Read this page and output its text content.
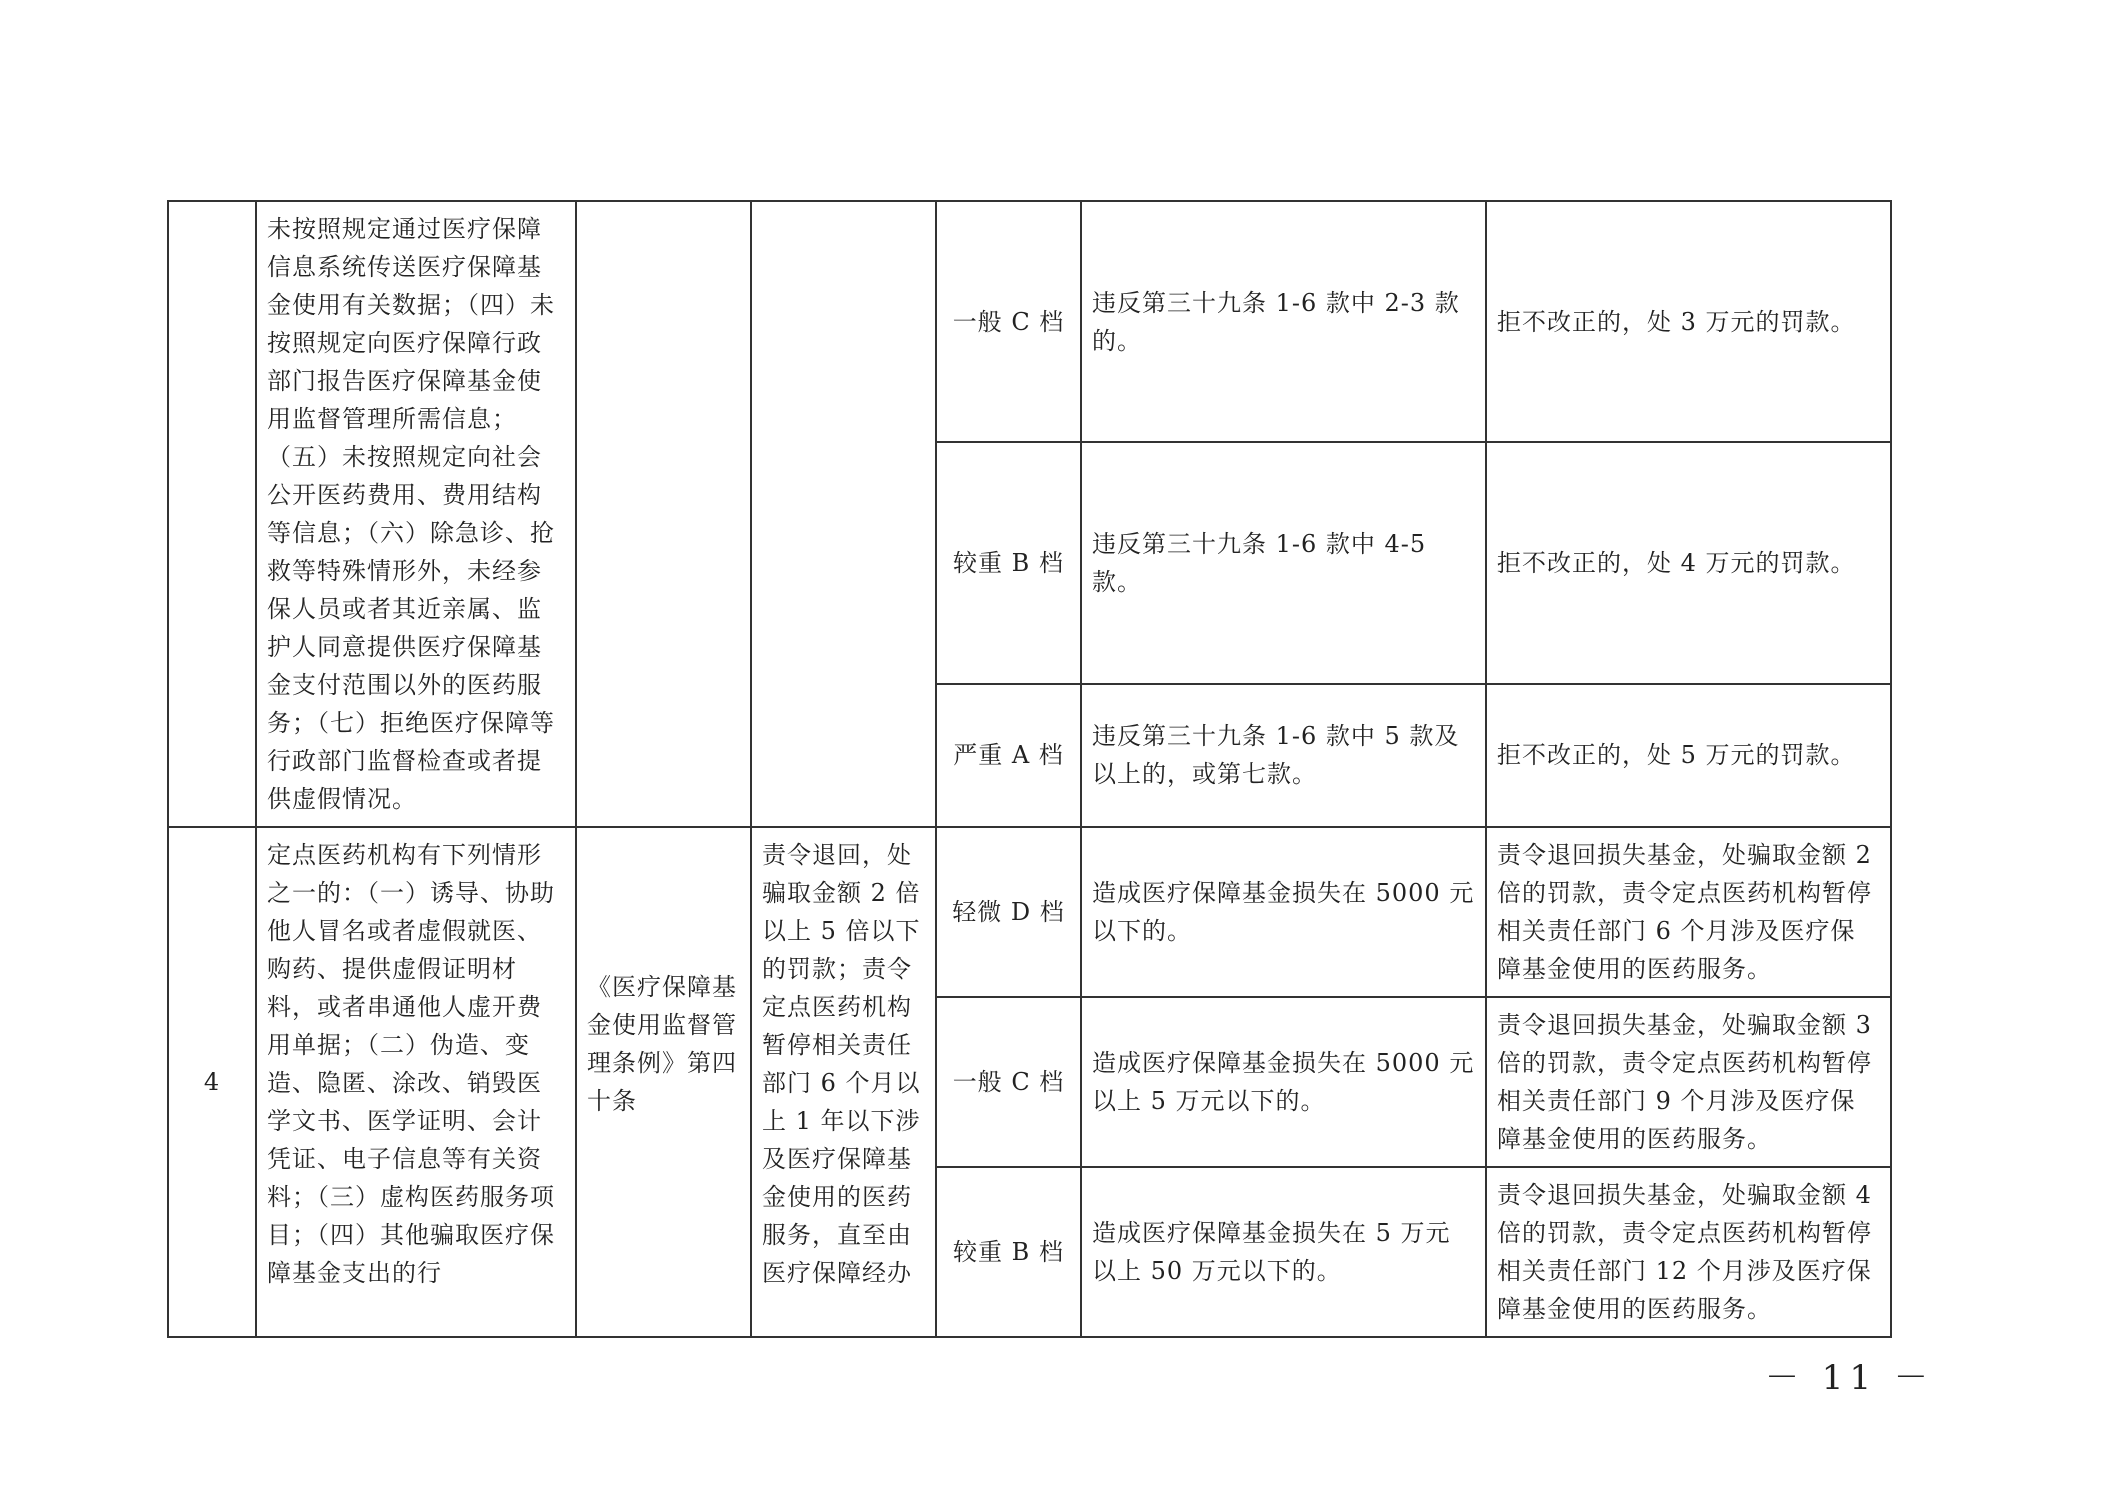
	未按照规定通过医疗保障信息系统传送医疗保障基金使用有关数据；（四）未按照规定向医疗保障行政部门报告医疗保障基金使用监督管理所需信息；（五）未按照规定向社会公开医药费用、费用结构等信息；（六）除急诊、抢救等特殊情形外，未经参保人员或者其近亲属、监护人同意提供医疗保障基金支付范围以外的医药服务；（七）拒绝医疗保障等行政部门监督检查或者提供虚假情况。			一般 C 档	违反第三十九条 1-6 款中 2-3 款的。	拒不改正的，处 3 万元的罚款。
				较重 B 档	违反第三十九条 1-6 款中 4-5 款。	拒不改正的，处 4 万元的罚款。
				严重 A 档	违反第三十九条 1-6 款中 5 款及以上的，或第七款。	拒不改正的，处 5 万元的罚款。
4	定点医药机构有下列情形之一的：（一）诱导、协助他人冒名或者虚假就医、购药、提供虚假证明材料，或者串通他人虚开费用单据；（二）伪造、变造、隐匿、涂改、销毁医学文书、医学证明、会计凭证、电子信息等有关资料；（三）虚构医药服务项目；（四）其他骗取医疗保障基金支出的行	《医疗保障基金使用监督管理条例》第四十条	责令退回，处骗取金额 2 倍以上 5 倍以下的罚款；责令定点医药机构暂停相关责任部门 6 个月以上 1 年以下涉及医疗保障基金使用的医药服务，直至由医疗保障经办	轻微 D 档	造成医疗保障基金损失在 5000 元以下的。	责令退回损失基金，处骗取金额 2 倍的罚款，责令定点医药机构暂停相关责任部门 6 个月涉及医疗保障基金使用的医药服务。
				一般 C 档	造成医疗保障基金损失在 5000 元以上 5 万元以下的。	责令退回损失基金，处骗取金额 3 倍的罚款，责令定点医药机构暂停相关责任部门 9 个月涉及医疗保障基金使用的医药服务。
				较重 B 档	造成医疗保障基金损失在 5 万元以上 50 万元以下的。	责令退回损失基金，处骗取金额 4 倍的罚款，责令定点医药机构暂停相关责任部门 12 个月涉及医疗保障基金使用的医药服务。
－ 11 －
